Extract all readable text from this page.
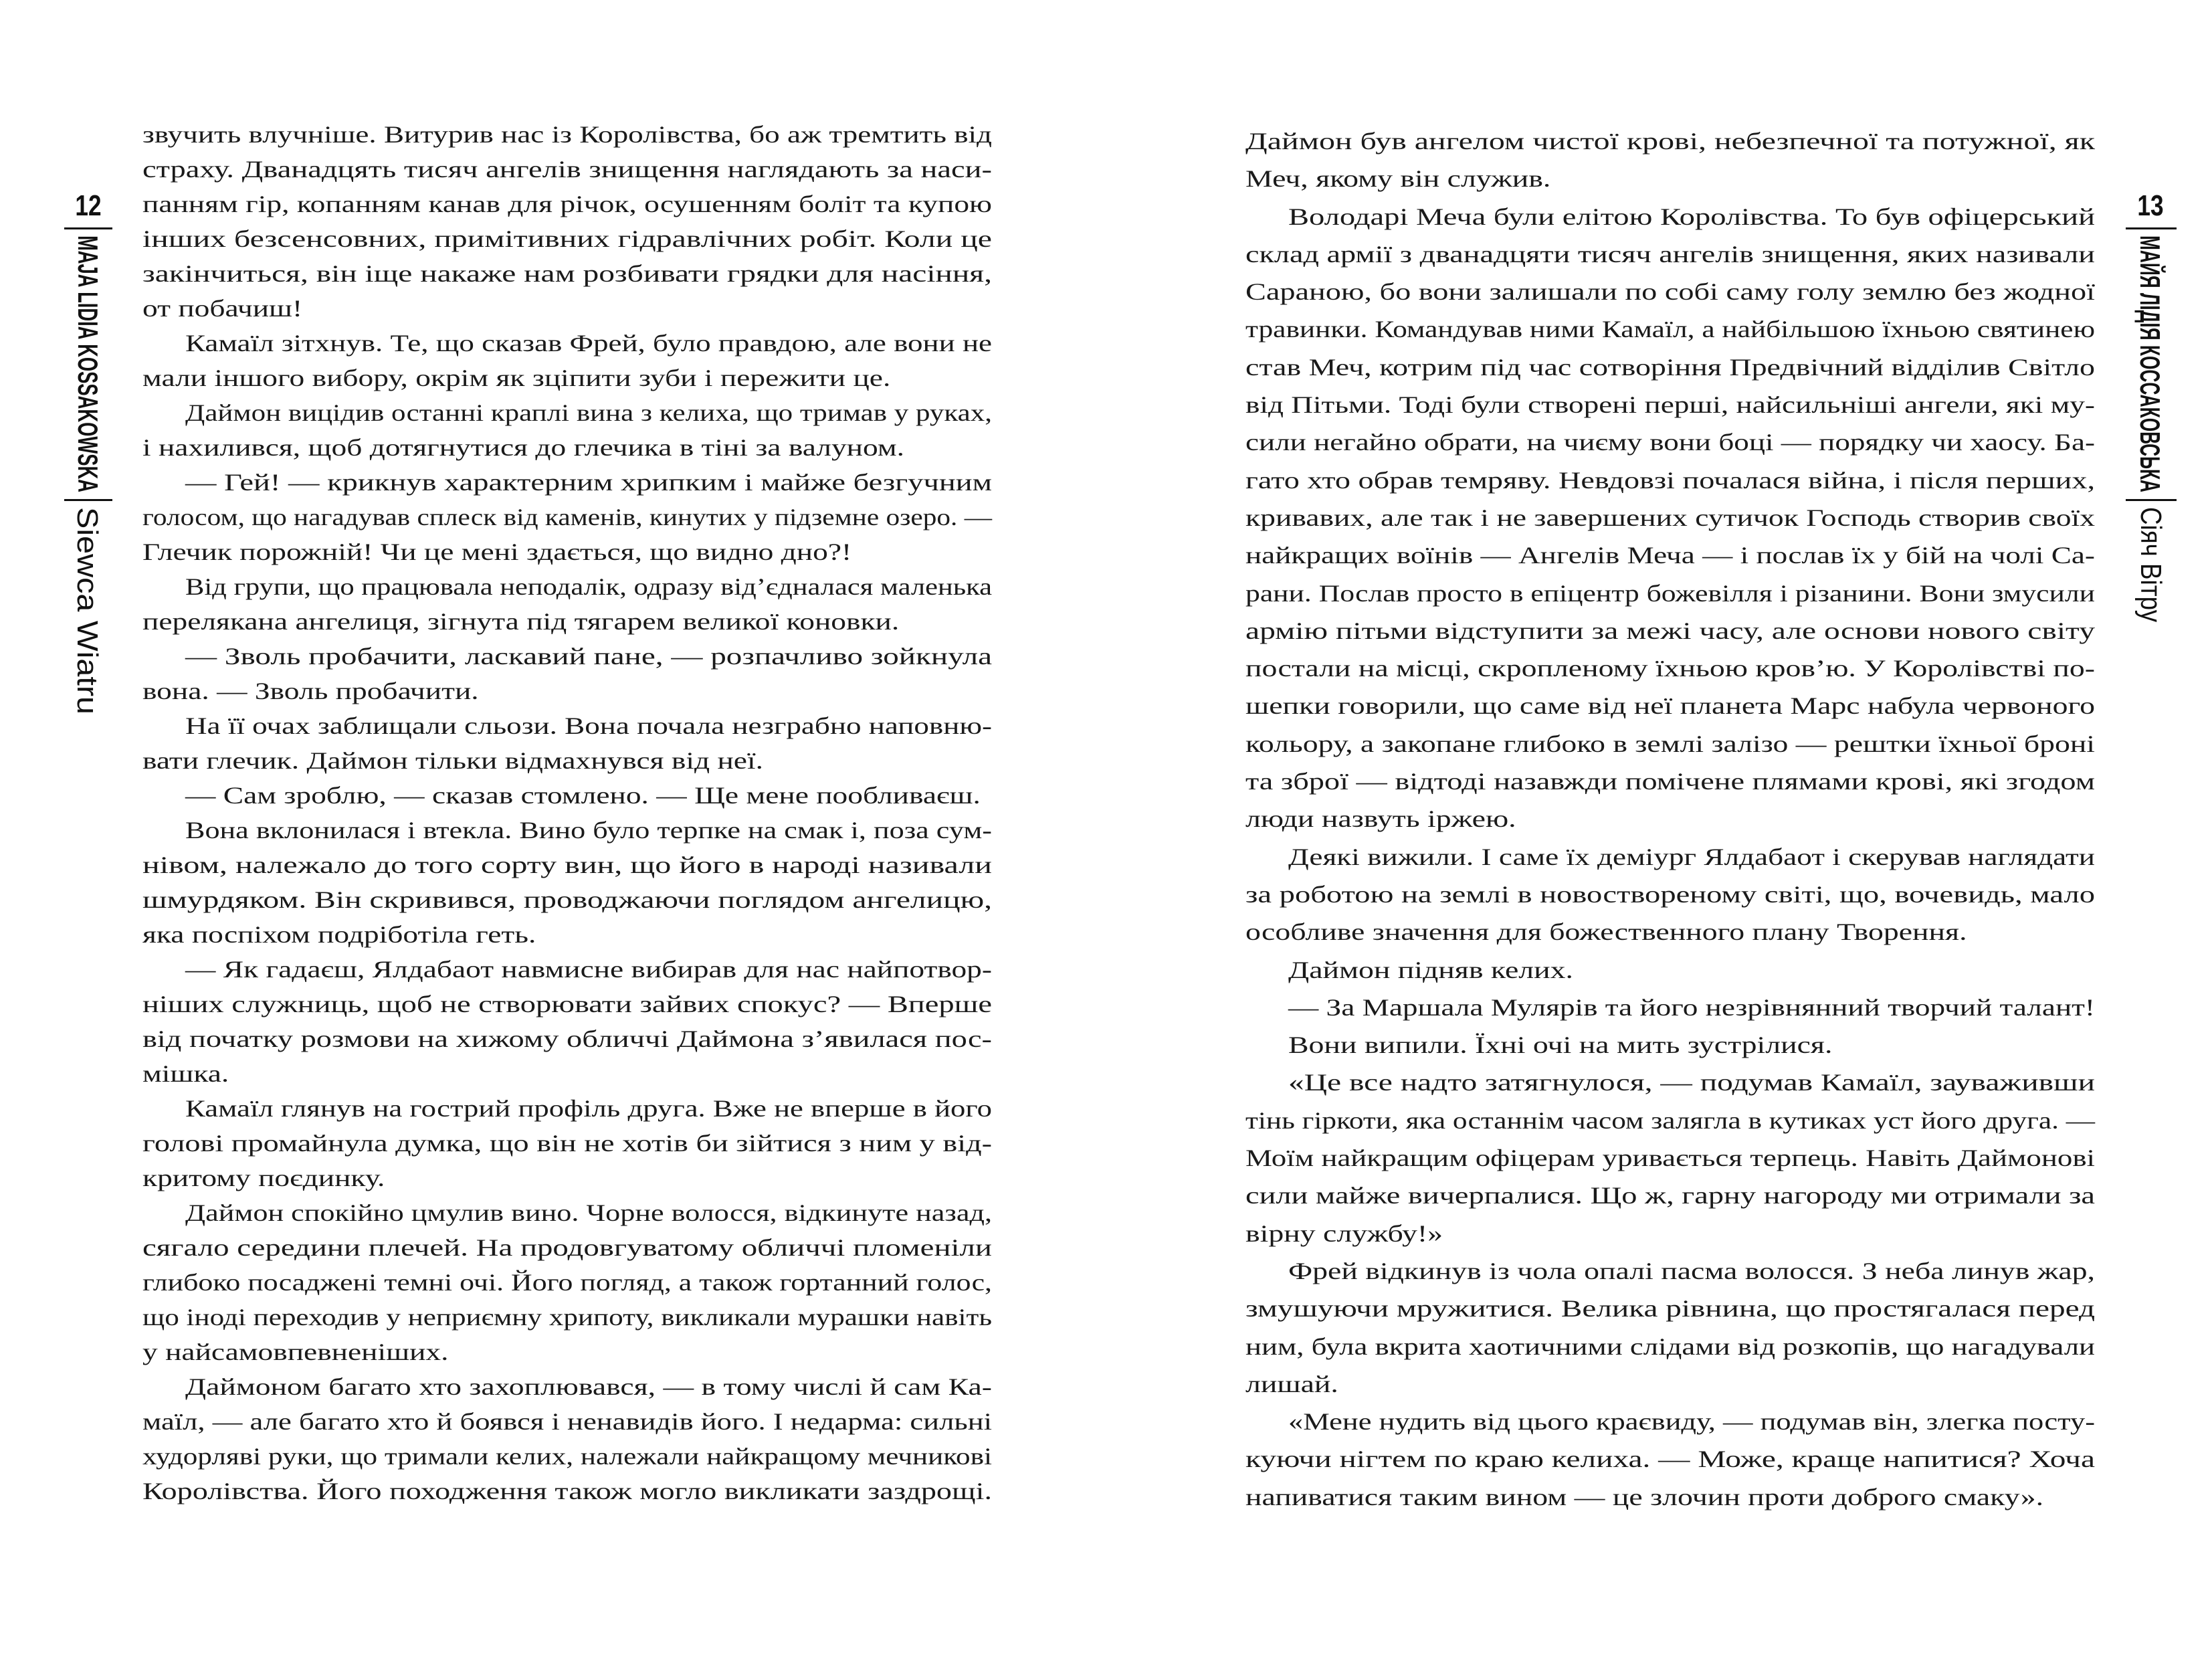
12
MAJA LIDIA KOSSAKOWSKA
Siewca Wiatru
звучить влучніше. Витурив нас із Королівства, бо аж тремтить від
страху. Дванадцять тисяч ангелів знищення наглядають за наси-
панням гір, копанням канав для річок, осушенням боліт та купою
інших безсенсовних, примітивних гідравлічних робіт. Коли це
закінчиться, він іще накаже нам розбивати грядки для насіння,
от побачиш!
Камаїл зітхнув. Те, що сказав Фрей, було правдою, але вони не
мали іншого вибору, окрім як зціпити зуби і пережити це.
Даймон вицідив останні краплі вина з келиха, що тримав у руках,
і нахилився, щоб дотягнутися до глечика в тіні за валуном.
— Гей! — крикнув характерним хрипким і майже безгучним
голосом, що нагадував сплеск від каменів, кинутих у підземне озеро. —
Глечик порожній! Чи це мені здається, що видно дно?!
Від групи, що працювала неподалік, одразу від’єдналася маленька
перелякана ангелиця, зігнута під тягарем великої коновки.
— Зволь пробачити, ласкавий пане, — розпачливо зойкнула
вона. — Зволь пробачити.
На її очах заблищали сльози. Вона почала незграбно наповню-
вати глечик. Даймон тільки відмахнувся від неї.
— Сам зроблю, — сказав стомлено. — Ще мене пообливаєш.
Вона вклонилася і втекла. Вино було терпке на смак і, поза сум-
нівом, належало до того сорту вин, що його в народі називали
шмурдяком. Він скривився, проводжаючи поглядом ангелицю,
яка поспіхом подріботіла геть.
— Як гадаєш, Ялдабаот навмисне вибирав для нас найпотвор-
ніших служниць, щоб не створювати зайвих спокус? — Вперше
від початку розмови на хижому обличчі Даймона з’явилася пос-
мішка.
Камаїл глянув на гострий профіль друга. Вже не вперше в його
голові промайнула думка, що він не хотів би зійтися з ним у від-
критому поєдинку.
Даймон спокійно цмулив вино. Чорне волосся, відкинуте назад,
сягало середини плечей. На продовгуватому обличчі пломеніли
глибоко посаджені темні очі. Його погляд, а також гортанний голос,
що іноді переходив у неприємну хрипоту, викликали мурашки навіть
у найсамовпевненіших.
Даймоном багато хто захоплювався, — в тому числі й сам Ка-
маїл, — але багато хто й боявся і ненавидів його. І недарма: сильні
худорляві руки, що тримали келих, належали найкращому мечникові
Королівства. Його походження також могло викликати заздрощі.
13
МАЙЯ ЛІДІЯ КОССАКОВСЬКА
Сіяч Вітру
Даймон був ангелом чистої крові, небезпечної та потужної, як
Меч, якому він служив.
Володарі Меча були елітою Королівства. То був офіцерський
склад армії з дванадцяти тисяч ангелів знищення, яких називали
Сараною, бо вони залишали по собі саму голу землю без жодної
травинки. Командував ними Камаїл, а найбільшою їхньою святинею
став Меч, котрим під час сотворіння Предвічний відділив Світло
від Пітьми. Тоді були створені перші, найсильніші ангели, які му-
сили негайно обрати, на чиєму вони боці — порядку чи хаосу. Ба-
гато хто обрав темряву. Невдовзі почалася війна, і після перших,
кривавих, але так і не завершених сутичок Господь створив своїх
найкращих воїнів — Ангелів Меча — і послав їх у бій на чолі Са-
рани. Послав просто в епіцентр божевілля і різанини. Вони змусили
армію пітьми відступити за межі часу, але основи нового світу
постали на місці, скропленому їхньою кров’ю. У Королівстві по-
шепки говорили, що саме від неї планета Марс набула червоного
кольору, а закопане глибоко в землі залізо — рештки їхньої броні
та зброї — відтоді назавжди помічене плямами крові, які згодом
люди назвуть іржею.
Деякі вижили. І саме їх деміург Ялдабаот і скерував наглядати
за роботою на землі в новоствореному світі, що, вочевидь, мало
особливе значення для божественного плану Творення.
Даймон підняв келих.
— За Маршала Мулярів та його незрівнянний творчий талант!
Вони випили. Їхні очі на мить зустрілися.
«Це все надто затягнулося, — подумав Камаїл, зауваживши
тінь гіркоти, яка останнім часом залягла в кутиках уст його друга. —
Моїм найкращим офіцерам уривається терпець. Навіть Даймонові
сили майже вичерпалися. Що ж, гарну нагороду ми отримали за
вірну службу!»
Фрей відкинув із чола опалі пасма волосся. З неба линув жар,
змушуючи мружитися. Велика рівнина, що простягалася перед
ним, була вкрита хаотичними слідами від розкопів, що нагадували
лишай.
«Мене нудить від цього краєвиду, — подумав він, злегка посту-
куючи нігтем по краю келиха. — Може, краще напитися? Хоча
напиватися таким вином — це злочин проти доброго смаку».
